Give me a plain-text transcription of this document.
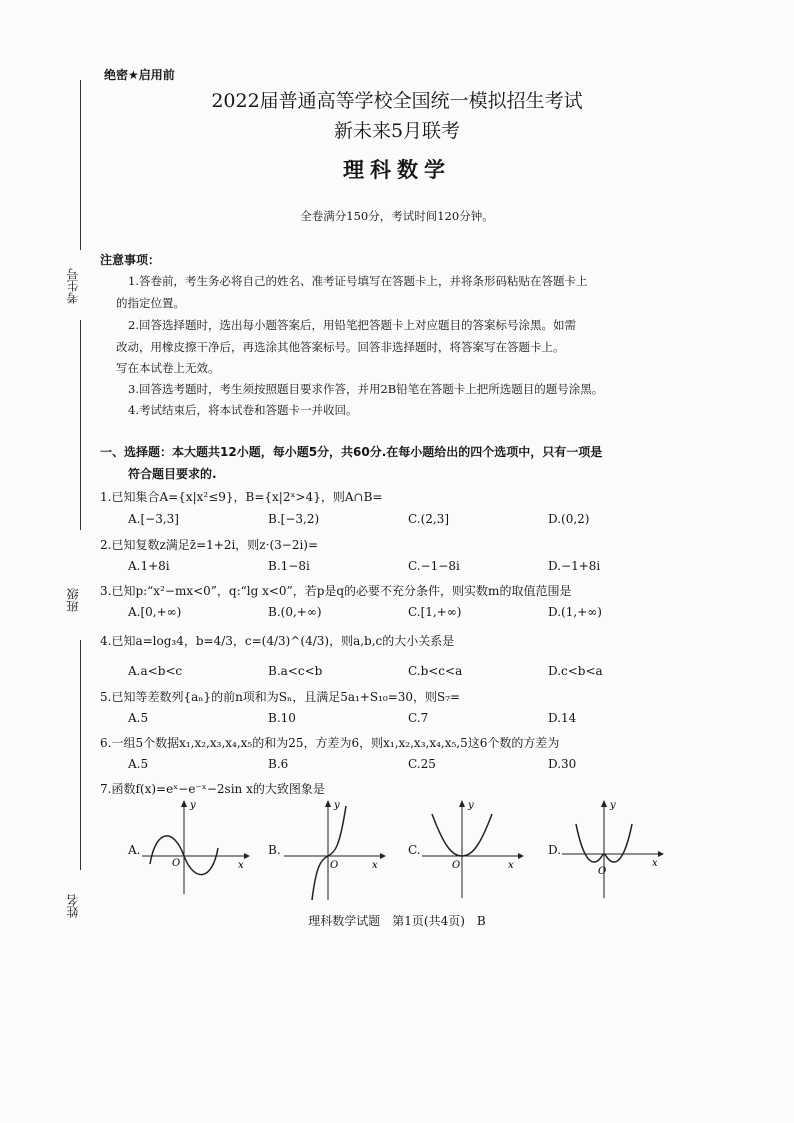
考生号
班级
姓名
绝密★启用前
2022届普通高等学校全国统一模拟招生考试
新未来5月联考
理科数学
全卷满分150分，考试时间120分钟。
注意事项：
1.答卷前，考生务必将自己的姓名、准考证号填写在答题卡上，并将条形码粘贴在答题卡上
的指定位置。
2.回答选择题时，选出每小题答案后，用铅笔把答题卡上对应题目的答案标号涂黑。如需
改动，用橡皮擦干净后，再选涂其他答案标号。回答非选择题时，将答案写在答题卡上。
写在本试卷上无效。
3.回答选考题时，考生须按照题目要求作答，并用2B铅笔在答题卡上把所选题目的题号涂黑。
4.考试结束后，将本试卷和答题卡一并收回。
一、选择题：本大题共12小题，每小题5分，共60分.在每小题给出的四个选项中，只有一项是
符合题目要求的.
1.已知集合A={x|x²≤9}，B={x|2ˣ>4}，则A∩B=
A.[−3,3]	B.[−3,2)	C.(2,3]	D.(0,2)
2.已知复数z满足z̄=1+2i，则z·(3−2i)=
A.1+8i	B.1−8i	C.−1−8i	D.−1+8i
3.已知p:“x²−mx<0”，q:“lg x<0”，若p是q的必要不充分条件，则实数m的取值范围是
A.[0,+∞)	B.(0,+∞)	C.[1,+∞)	D.(1,+∞)
4.已知a=log₃4，b=4/3，c=(4/3)^(4/3)，则a,b,c的大小关系是
A.a<b<c	B.a<c<b	C.b<c<a	D.c<b<a
5.已知等差数列{aₙ}的前n项和为Sₙ，且满足5a₁+S₁₀=30，则S₇=
A.5	B.10	C.7	D.14
6.一组5个数据x₁,x₂,x₃,x₄,x₅的和为25，方差为6，则x₁,x₂,x₃,x₄,x₅,5这6个数的方差为
A.5	B.6	C.25	D.30
7.函数f(x)=eˣ−e⁻ˣ−2sin x的大致图象是
A.
y
x
O
B.
y
x
O
C.
y
x
O
D.
y
x
O
理科数学试题　第1页(共4页)　B
